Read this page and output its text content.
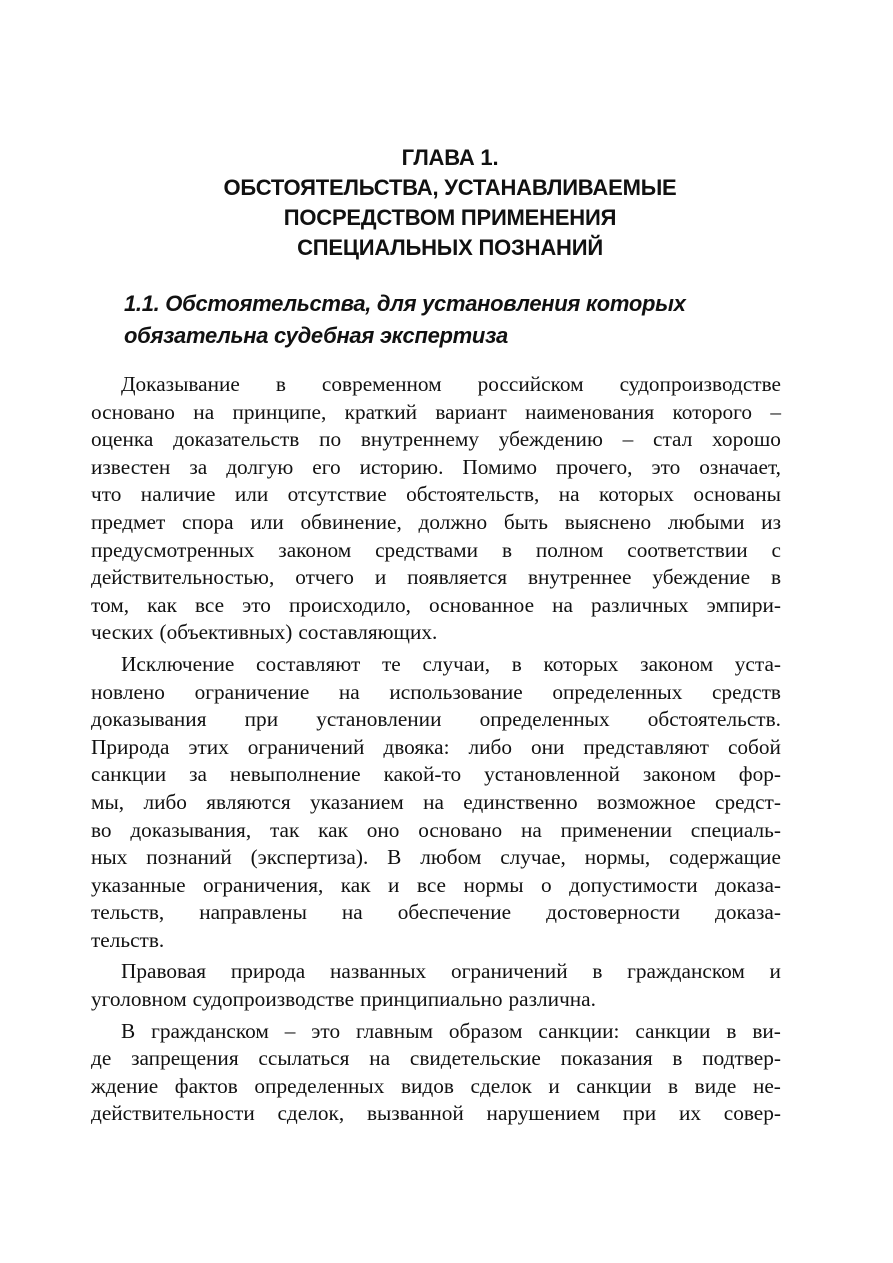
ГЛАВА 1.
ОБСТОЯТЕЛЬСТВА, УСТАНАВЛИВАЕМЫЕ
ПОСРЕДСТВОМ ПРИМЕНЕНИЯ
СПЕЦИАЛЬНЫХ ПОЗНАНИЙ
1.1. Обстоятельства, для установления которых
обязательна судебная экспертиза
Доказывание в современном российском судопроизводстве
основано на принципе, краткий вариант наименования которого –
оценка доказательств по внутреннему убеждению – стал хорошо
известен за долгую его историю. Помимо прочего, это означает,
что наличие или отсутствие обстоятельств, на которых основаны
предмет спора или обвинение, должно быть выяснено любыми из
предусмотренных законом средствами в полном соответствии с
действительностью, отчего и появляется внутреннее убеждение в
том, как все это происходило, основанное на различных эмпири-
ческих (объективных) составляющих.
Исключение составляют те случаи, в которых законом уста-
новлено ограничение на использование определенных средств
доказывания при установлении определенных обстоятельств.
Природа этих ограничений двояка: либо они представляют собой
санкции за невыполнение какой-то установленной законом фор-
мы, либо являются указанием на единственно возможное средст-
во доказывания, так как оно основано на применении специаль-
ных познаний (экспертиза). В любом случае, нормы, содержащие
указанные ограничения, как и все нормы о допустимости доказа-
тельств, направлены на обеспечение достоверности доказа-
тельств.
Правовая природа названных ограничений в гражданском и
уголовном судопроизводстве принципиально различна.
В гражданском – это главным образом санкции: санкции в ви-
де запрещения ссылаться на свидетельские показания в подтвер-
ждение фактов определенных видов сделок и санкции в виде не-
действительности сделок, вызванной нарушением при их совер-
